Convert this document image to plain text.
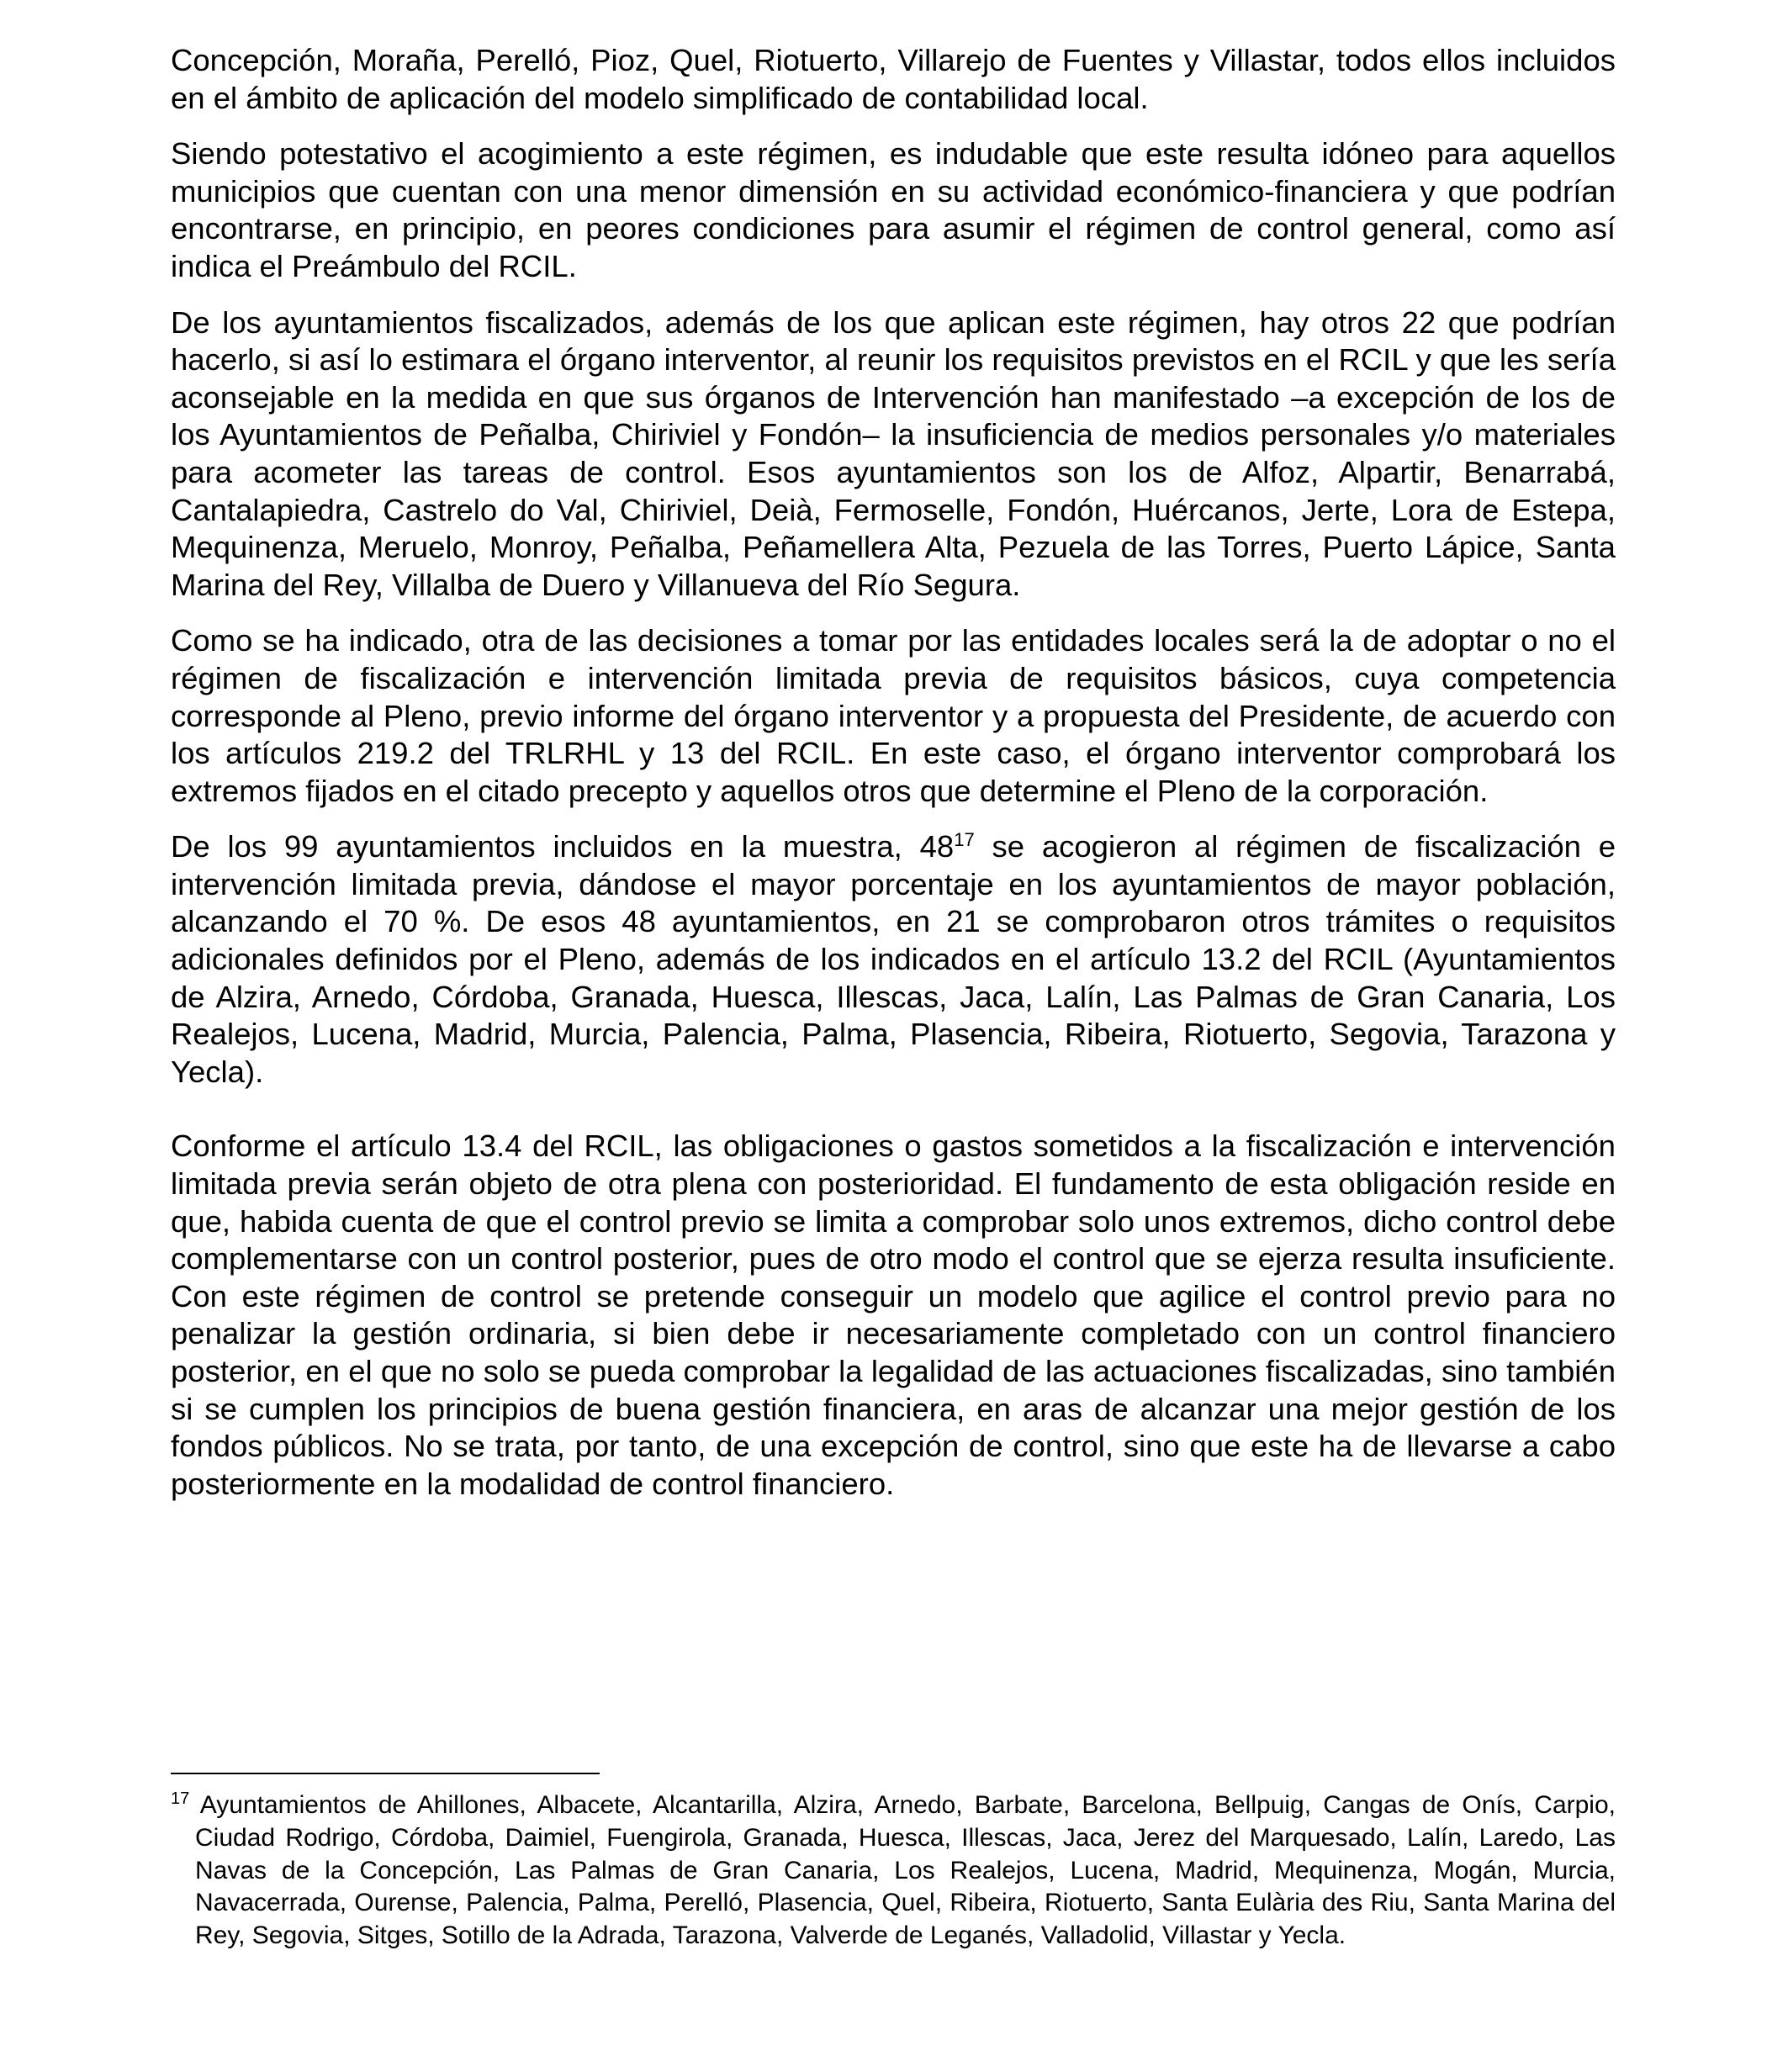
Concepción, Moraña, Perelló, Pioz, Quel, Riotuerto, Villarejo de Fuentes y Villastar, todos ellos incluidos en el ámbito de aplicación del modelo simplificado de contabilidad local.

Siendo potestativo el acogimiento a este régimen, es indudable que este resulta idóneo para aquellos municipios que cuentan con una menor dimensión en su actividad económico-financiera y que podrían encontrarse, en principio, en peores condiciones para asumir el régimen de control general, como así indica el Preámbulo del RCIL.

De los ayuntamientos fiscalizados, además de los que aplican este régimen, hay otros 22 que podrían hacerlo, si así lo estimara el órgano interventor, al reunir los requisitos previstos en el RCIL y que les sería aconsejable en la medida en que sus órganos de Intervención han manifestado –a excepción de los de los Ayuntamientos de Peñalba, Chiriviel y Fondón– la insuficiencia de medios personales y/o materiales para acometer las tareas de control. Esos ayuntamientos son los de Alfoz, Alpartir, Benarrabá, Cantalapiedra, Castrelo do Val, Chiriviel, Deià, Fermoselle, Fondón, Huércanos, Jerte, Lora de Estepa, Mequinenza, Meruelo, Monroy, Peñalba, Peñamellera Alta, Pezuela de las Torres, Puerto Lápice, Santa Marina del Rey, Villalba de Duero y Villanueva del Río Segura.

Como se ha indicado, otra de las decisiones a tomar por las entidades locales será la de adoptar o no el régimen de fiscalización e intervención limitada previa de requisitos básicos, cuya competencia corresponde al Pleno, previo informe del órgano interventor y a propuesta del Presidente, de acuerdo con los artículos 219.2 del TRLRHL y 13 del RCIL. En este caso, el órgano interventor comprobará los extremos fijados en el citado precepto y aquellos otros que determine el Pleno de la corporación.

De los 99 ayuntamientos incluidos en la muestra, $48^{17}$ se acogieron al régimen de fiscalización e intervención limitada previa, dándose el mayor porcentaje en los ayuntamientos de mayor población, alcanzando el 70 %. De esos 48 ayuntamientos, en 21 se comprobaron otros trámites o requisitos adicionales definidos por el Pleno, además de los indicados en el artículo 13.2 del RCIL (Ayuntamientos de Alzira, Arnedo, Córdoba, Granada, Huesca, Illescas, Jaca, Lalín, Las Palmas de Gran Canaria, Los Realejos, Lucena, Madrid, Murcia, Palencia, Palma, Plasencia, Ribeira, Riotuerto, Segovia, Tarazona y Yecla).

Conforme el artículo 13.4 del RCIL, las obligaciones o gastos sometidos a la fiscalización e intervención limitada previa serán objeto de otra plena con posterioridad. El fundamento de esta obligación reside en que, habida cuenta de que el control previo se limita a comprobar solo unos extremos, dicho control debe complementarse con un control posterior, pues de otro modo el control que se ejerza resulta insuficiente. Con este régimen de control se pretende conseguir un modelo que agilice el control previo para no penalizar la gestión ordinaria, si bien debe ir necesariamente completado con un control financiero posterior, en el que no solo se pueda comprobar la legalidad de las actuaciones fiscalizadas, sino también si se cumplen los principios de buena gestión financiera, en aras de alcanzar una mejor gestión de los fondos públicos. No se trata, por tanto, de una excepción de control, sino que este ha de llevarse a cabo posteriormente en la modalidad de control financiero.

$^{17}$ Ayuntamientos de Ahillones, Albacete, Alcantarilla, Alzira, Arnedo, Barbate, Barcelona, Bellpuig, Cangas de Onís, Carpio, Ciudad Rodrigo, Córdoba, Daimiel, Fuengirola, Granada, Huesca, Illescas, Jaca, Jerez del Marquesado, Lalín, Laredo, Las Navas de la Concepción, Las Palmas de Gran Canaria, Los Realejos, Lucena, Madrid, Mequinenza, Mogán, Murcia, Navacerrada, Ourense, Palencia, Palma, Perelló, Plasencia, Quel, Ribeira, Riotuerto, Santa Eulària des Riu, Santa Marina del Rey, Segovia, Sitges, Sotillo de la Adrada, Tarazona, Valverde de Leganés, Valladolid, Villastar y Yecla.
